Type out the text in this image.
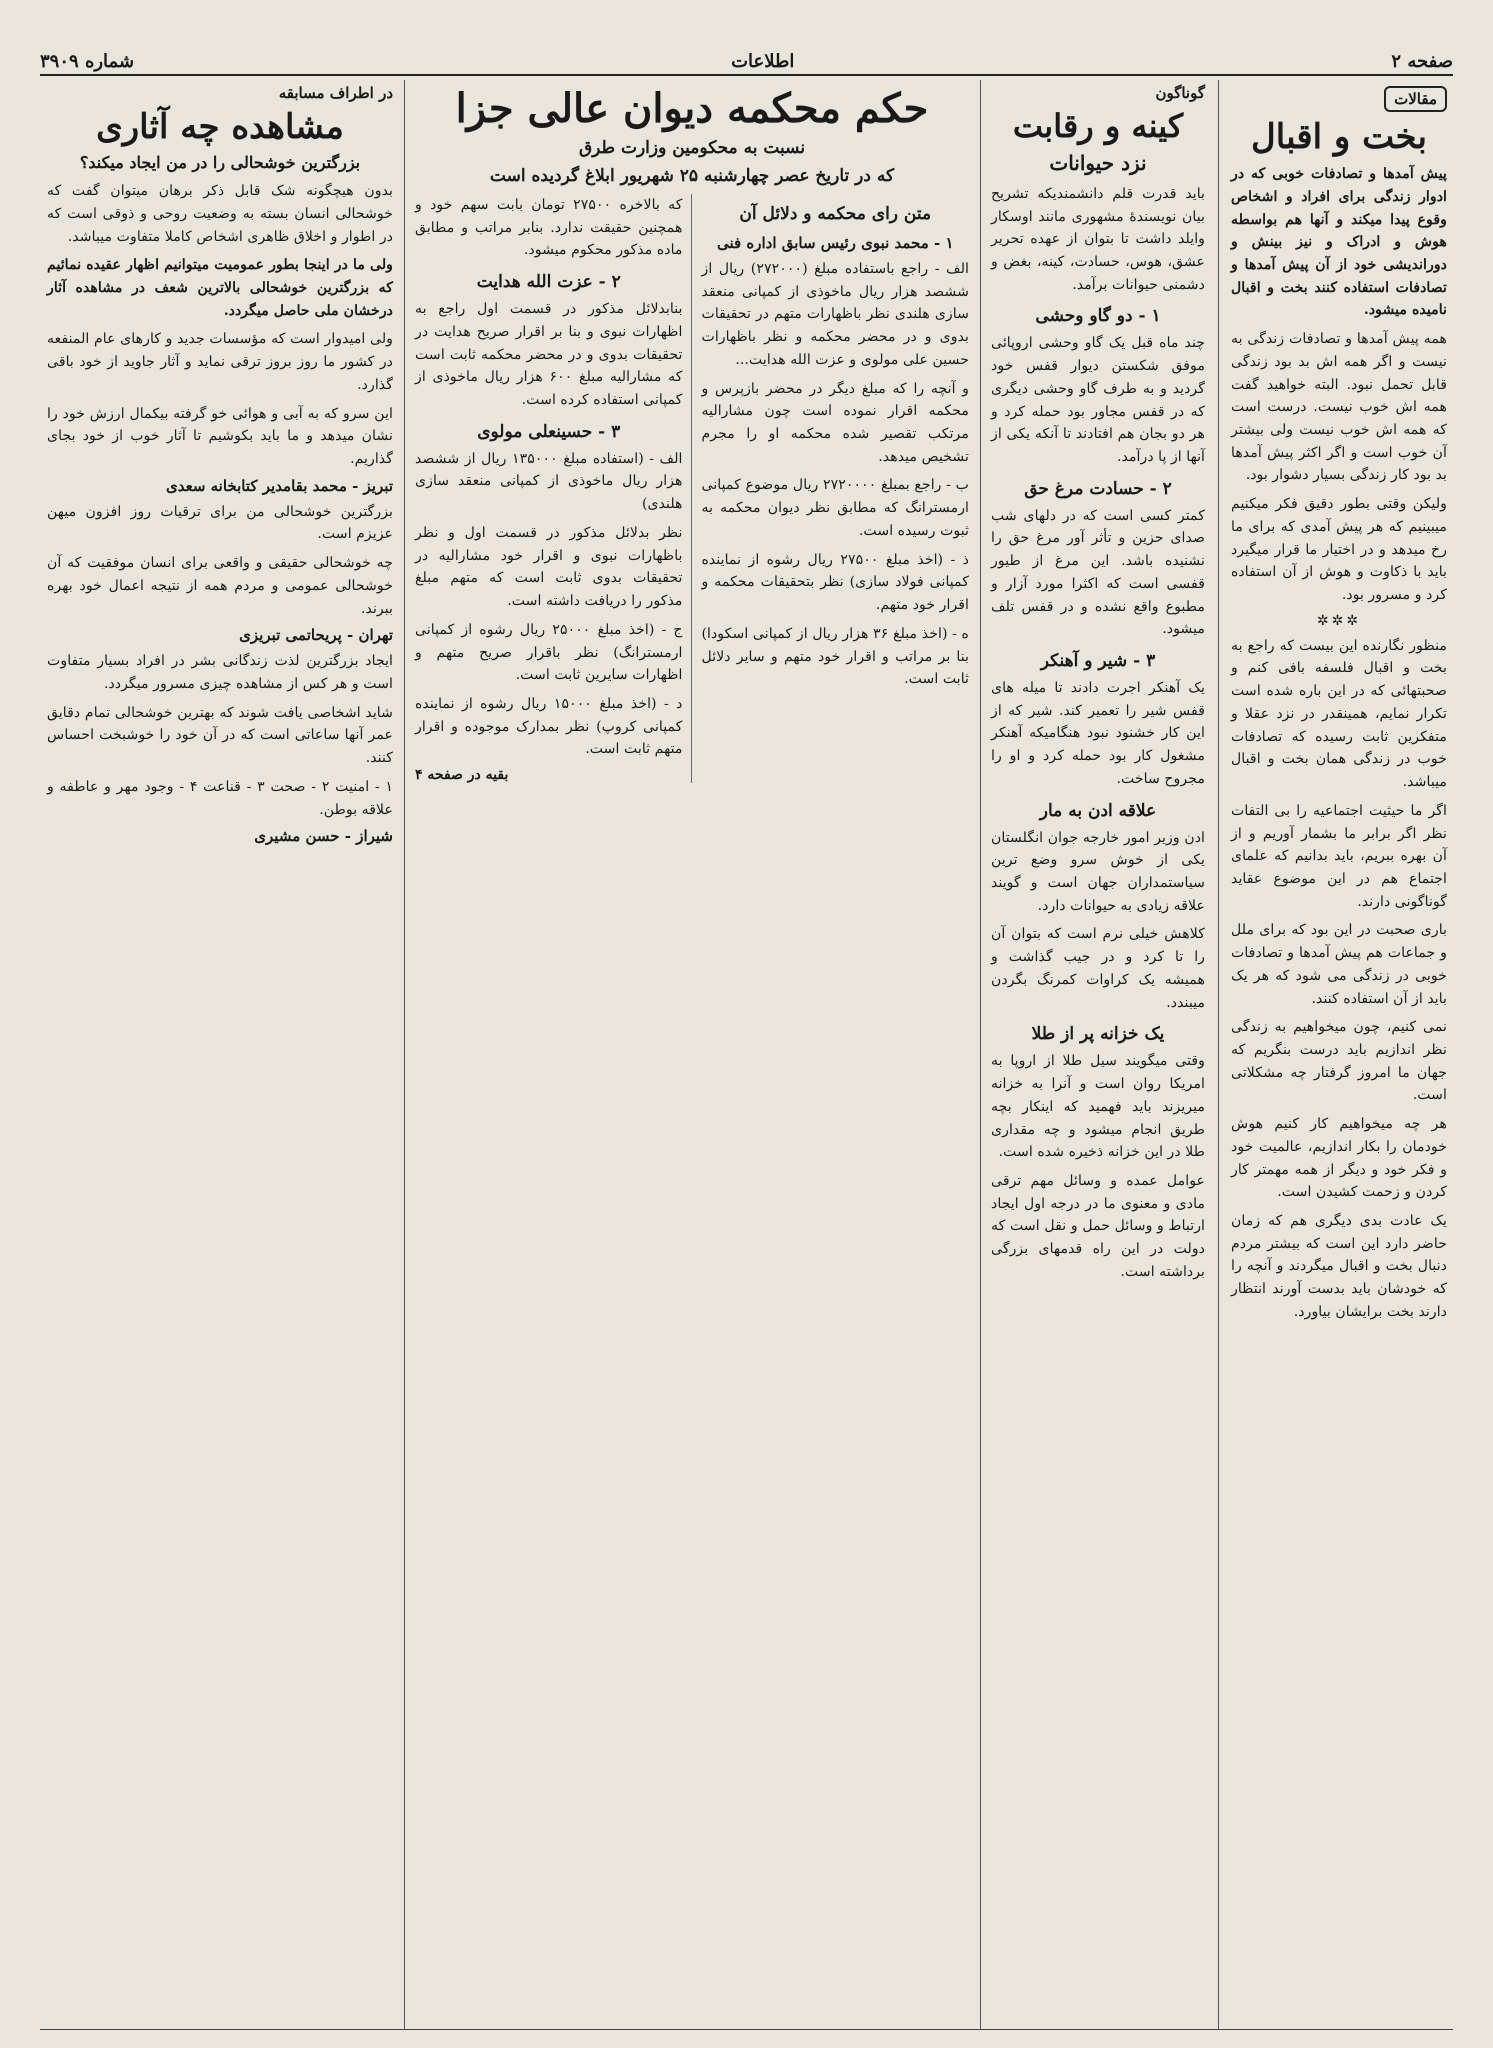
صفحه ۲
اطلاعات
شماره ۳۹۰۹
مقالات
بخت و اقبال

پیش آمدها و تصادفات خوبی که در ادوار زندگی برای افراد و اشخاص وقوع پیدا میکند و آنها هم بواسطه هوش و ادراک و نیز بینش و دورانديشی خود از آن پیش آمدها و تصادفات استفاده کنند بخت و اقبال نامیده میشود.

همه پیش آمدها و تصادفات زندگی به نیست و اگر همه اش بد بود زندگی قابل تحمل نبود. البته خواهید گفت همه اش خوب نیست. درست است که همه اش خوب نیست ولی بیشتر آن خوب است و اگر اکثر پیش آمدها بد بود کار زندگی بسیار دشوار بود.

ولیکن وقتی بطور دقیق فکر میکنیم میبینیم که هر پیش آمدی که برای ما رخ میدهد و در اختیار ما قرار میگیرد باید با ذکاوت و هوش از آن استفاده کرد و مسرور بود.

✲✲✲

منظور نگارنده این بیست که راجع به بخت و اقبال فلسفه بافی کنم و صحبتهائی که در این باره شده است تکرار نمایم، همینقدر در نزد عقلا و متفکرین ثابت رسیده که تصادفات خوب در زندگی همان بخت و اقبال میباشد.

اگر ما حیثیت اجتماعیه را بی التفات نظر اگر برابر ما بشمار آوریم و از آن بهره ببریم، باید بدانیم که علمای اجتماع هم در این موضوع عقاید گوناگونی دارند.

باری صحبت در این بود که برای ملل و جماعات هم پیش آمدها و تصادفات خوبی در زندگی می شود که هر یک باید از آن استفاده کنند.

نمی کنیم، چون میخواهیم به زندگی نظر اندازیم باید درست بنگریم که جهان ما امروز گرفتار چه مشکلاتی است.

هر چه میخواهیم کار کنیم هوش خودمان را بکار اندازیم، عالمیت خود و فکر خود و دیگر از همه مهمتر کار کردن و زحمت کشیدن است.

یک عادت بدی دیگری هم که زمان حاضر دارد این است که بیشتر مردم دنبال بخت و اقبال میگردند و آنچه را که خودشان باید بدست آورند انتظار دارند بخت برایشان بیاورد.

گوناگون
کینه و رقابت
نزد حیوانات

باید قدرت قلم دانشمندیکه تشریح بیان نویسندۀ مشهوری مانند اوسکار وایلد داشت تا بتوان از عهده تحریر عشق، هوس، حسادت، کینه، بغض و دشمنی حیوانات برآمد.

۱ - دو گاو وحشی

چند ماه قبل یک گاو وحشی اروپائی موفق شکستن دیوار قفس خود گردید و به طرف گاو وحشی دیگری که در قفس مجاور بود حمله کرد و هر دو بجان هم افتادند تا آنکه یکی از آنها از پا درآمد.

۲ - حسادت مرغ حق

کمتر کسی است که در دلهای شب صدای حزین و تأثر آور مرغ حق را نشنیده باشد. این مرغ از طیور قفسی است که اکثرا مورد آزار و مطبوع واقع نشده و در قفس تلف میشود.

۳ - شیر و آهنکر

یک آهنکر اجرت دادند تا میله های قفس شیر را تعمیر کند. شیر که از این کار خشنود نبود هنگامیکه آهنکر مشغول کار بود حمله کرد و او را مجروح ساخت.

علاقه ادن به مار

ادن وزیر امور خارجه جوان انگلستان یکی از خوش سرو وضع ترین سیاستمداران جهان است و گویند علاقه زیادی به حیوانات دارد.

کلاهش خیلی نرم است که بتوان آن را تا کرد و در جیب گذاشت و همیشه یک کراوات کمرنگ بگردن میبندد.

یک خزانه پر از طلا

وقتی میگویند سیل طلا از اروپا به امریکا روان است و آنرا به خزانه میریزند باید فهمید که اینکار بچه طریق انجام میشود و چه مقداری طلا در این خزانه ذخیره شده است.

عوامل عمده و وسائل مهم ترقی مادی و معنوی ما در درجه اول ایجاد ارتباط و وسائل حمل و نقل است که دولت در این راه قدمهای بزرگی برداشته است.

حکم محکمه دیوان عالی جزا
نسبت به محکومین وزارت طرق
که در تاریخ عصر چهارشنبه ۲۵ شهریور ابلاغ گردیده است
متن رای محکمه و دلائل آن
۱ - محمد نبوی رئیس سابق اداره فنی

الف - راجع باستفاده مبلغ (۲۷۲۰۰۰) ریال از ششصد هزار ریال ماخوذی از کمپانی منعقد سازی هلندی نظر باظهارات متهم در تحقیقات بدوی و در محضر محکمه و نظر باظهارات حسین علی مولوی و عزت الله هدایت...

و آنچه را که مبلغ دیگر در محضر بازپرس و محکمه اقرار نموده است چون مشارالیه مرتکب تقصیر شده محکمه او را مجرم تشخیص میدهد.

ب - راجع بمبلغ ۲۷۲۰۰۰۰ ریال موضوع کمپانی ارمسترانگ که مطابق نظر دیوان محکمه به ثبوت رسیده است.

ذ - (اخذ مبلغ ۲۷۵۰۰ ریال رشوه از نماینده کمپانی فولاد سازی) نظر بتحقیقات محکمه و اقرار خود متهم.

ه - (اخذ مبلغ ۳۶ هزار ریال از کمپانی اسکودا) بنا بر مراتب و اقرار خود متهم و سایر دلائل ثابت است.

که بالاخره ۲۷۵۰۰ تومان بابت سهم خود و همچنین حقیقت ندارد. بنابر مراتب و مطابق ماده مذکور محکوم میشود.

۲ - عزت الله هدایت

بنابدلائل مذکور در قسمت اول راجع به اظهارات نبوی و بنا بر اقرار صریح هدایت در تحقیقات بدوی و در محضر محکمه ثابت است که مشارالیه مبلغ ۶۰۰ هزار ریال ماخوذی از کمپانی استفاده کرده است.

۳ - حسینعلی مولوی

الف - (استفاده مبلغ ۱۳۵۰۰۰ ریال از ششصد هزار ریال ماخوذی از کمپانی منعقد سازی هلندی)

نظر بدلائل مذکور در قسمت اول و نظر باظهارات نبوی و اقرار خود مشارالیه در تحقیقات بدوی ثابت است که متهم مبلغ مذکور را دریافت داشته است.

ج - (اخذ مبلغ ۲۵۰۰۰ ریال رشوه از کمپانی ارمسترانگ) نظر باقرار صریح متهم و اظهارات سایرین ثابت است.

د - (اخذ مبلغ ۱۵۰۰۰ ریال رشوه از نماینده کمپانی کروپ) نظر بمدارک موجوده و اقرار متهم ثابت است.

بقیه در صفحه ۴
در اطراف مسابقه
مشاهده چه آثاری
بزرگترین خوشحالی را در من ایجاد میکند؟

بدون هیچگونه شک قابل ذکر برهان میتوان گفت که خوشحالی انسان بسته به وضعیت روحی و ذوقی است که در اطوار و اخلاق ظاهری اشخاص کاملا متفاوت میباشد.

ولی ما در اینجا بطور عمومیت میتوانیم اظهار عقیده نمائیم که بزرگترین خوشحالی بالاترین شعف در مشاهده آثار درخشان ملی حاصل میگردد.

ولی امیدوار است که مؤسسات جدید و کارهای عام المنفعه در کشور ما روز بروز ترقی نماید و آثار جاوید از خود باقی گذارد.

این سرو که به آبی و هوائی خو گرفته بیکمال ارزش خود را نشان میدهد و ما باید بکوشیم تا آثار خوب از خود بجای گذاریم.

تبریز - محمد بقامدیر کتابخانه سعدی

بزرگترین خوشحالی من برای ترقیات روز افزون میهن عزیزم است.

چه خوشحالی حقیقی و واقعی برای انسان موفقیت که آن خوشحالی عمومی و مردم همه از نتیجه اعمال خود بهره ببرند.

تهران - پریحاتمی تبریزی

ایجاد بزرگترین لذت زندگانی بشر در افراد بسیار متفاوت است و هر کس از مشاهده چیزی مسرور میگردد.

شاید اشخاصی یافت شوند که بهترین خوشحالی تمام دقایق عمر آنها ساعاتی است که در آن خود را خوشبخت احساس کنند.

۱ - امنیت ۲ - صحت ۳ - قناعت ۴ - وجود مهر و عاطفه و علاقه بوطن.

شیراز - حسن مشیری
